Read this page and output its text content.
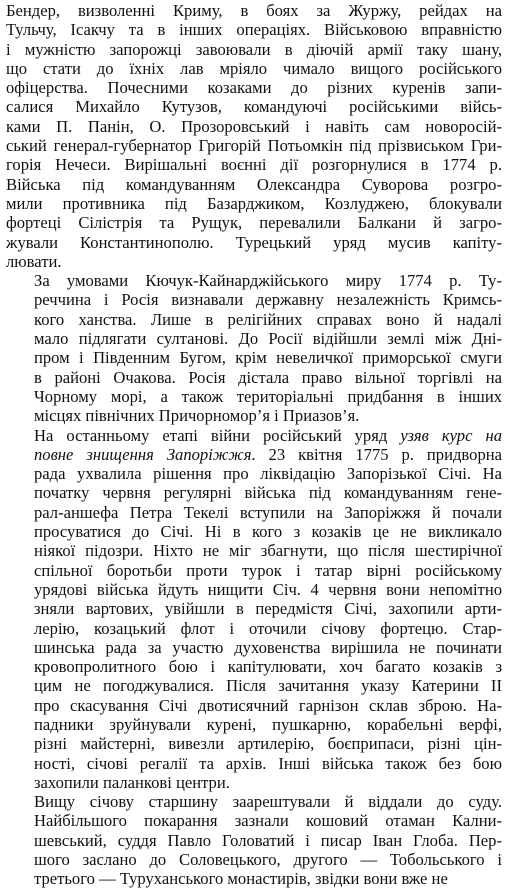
Бендер, визволенні Криму, в боях за Журжу, рейдах на
Тульчу, Ісакчу та в інших операціях. Військовою вправністю
і мужністю запорожці завоювали в діючій армії таку шану,
що стати до їхніх лав мріяло чимало вищого російського
офіцерства. Почесними козаками до різних куренів запи-
салися Михайло Кутузов, командуючі російськими війсь-
ками П. Панін, О. Прозоровський і навіть сам новоросій-
ський генерал-губернатор Григорій Потьомкін під прізвиськом Гри-
горія Нечеси. Вирішальні воєнні дії розгорнулися в 1774 р.
Війська під командуванням Олександра Суворова розгро-
мили противника під Базарджиком, Козлуджею, блокували
фортеці Сілістрія та Рущук, перевалили Балкани й загро-
жували Константинополю. Турецький уряд мусив капіту-
лювати.
За умовами Кючук-Кайнарджійського миру 1774 р. Ту-
реччина і Росія визнавали державну незалежність Кримсь-
кого ханства. Лише в релігійних справах воно й надалі
мало підлягати султанові. До Росії відійшли землі між Дні-
пром і Південним Бугом, крім невеличкої приморської смуги
в районі Очакова. Росія дістала право вільної торгівлі на
Чорному морі, а також територіальні придбання в інших
місцях північних Причорномор’я і Приазов’я.
На останньому етапі війни російський уряд узяв курс на
повне знищення Запоріжжя. 23 квітня 1775 р. придворна
рада ухвалила рішення про ліквідацію Запорізької Січі. На
початку червня регулярні війська під командуванням гене-
рал-аншефа Петра Текелі вступили на Запоріжжя й почали
просуватися до Січі. Ні в кого з козаків це не викликало
ніякої підозри. Ніхто не міг збагнути, що після шестирічної
спільної боротьби проти турок і татар вірні російському
урядові війська йдуть нищити Січ. 4 червня вони непомітно
зняли вартових, увійшли в передмістя Січі, захопили арти-
лерію, козацький флот і оточили січову фортецю. Стар-
шинська рада за участю духовенства вирішила не починати
кровопролитного бою і капітулювати, хоч багато козаків з
цим не погоджувалися. Після зачитання указу Катерини II
про скасування Січі двотисячний гарнізон склав зброю. На-
падники зруйнували курені, пушкарню, корабельні верфі,
різні майстерні, вивезли артилерію, боєприпаси, різні цін-
ності, січові регалії та архів. Інші війська також без бою
захопили паланкові центри.
Вищу січову старшину заарештували й віддали до суду.
Найбільшого покарання зазнали кошовий отаман Кални-
шевський, суддя Павло Головатий і писар Іван Глоба. Пер-
шого заслано до Соловецького, другого — Тобольського і
третього — Туруханського монастирів, звідки вони вже не
